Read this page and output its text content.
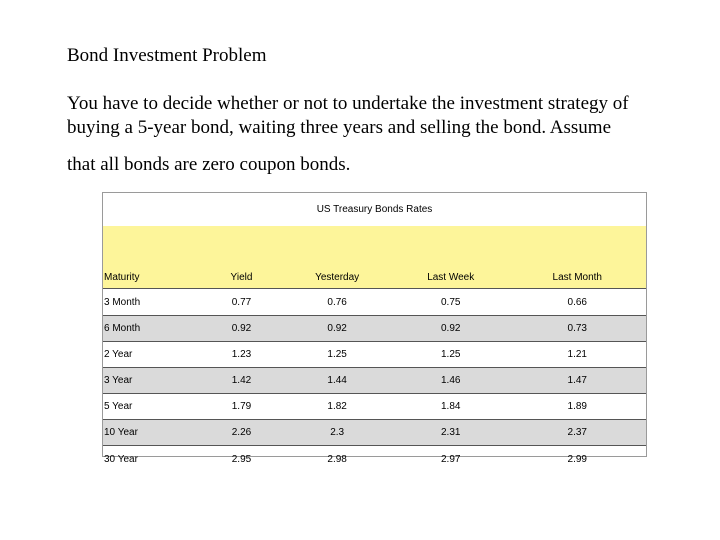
Bond Investment Problem
You have to decide whether or not to undertake the investment strategy of
buying a 5-year bond, waiting three years and selling the bond. Assume
that all bonds are zero coupon bonds.
US Treasury Bonds Rates
Maturity	Yield	Yesterday	Last Week	Last Month
3 Month	0.77	0.76	0.75	0.66
6 Month	0.92	0.92	0.92	0.73
2 Year	1.23	1.25	1.25	1.21
3 Year	1.42	1.44	1.46	1.47
5 Year	1.79	1.82	1.84	1.89
10 Year	2.26	2.3	2.31	2.37
30 Year	2.95	2.98	2.97	2.99
